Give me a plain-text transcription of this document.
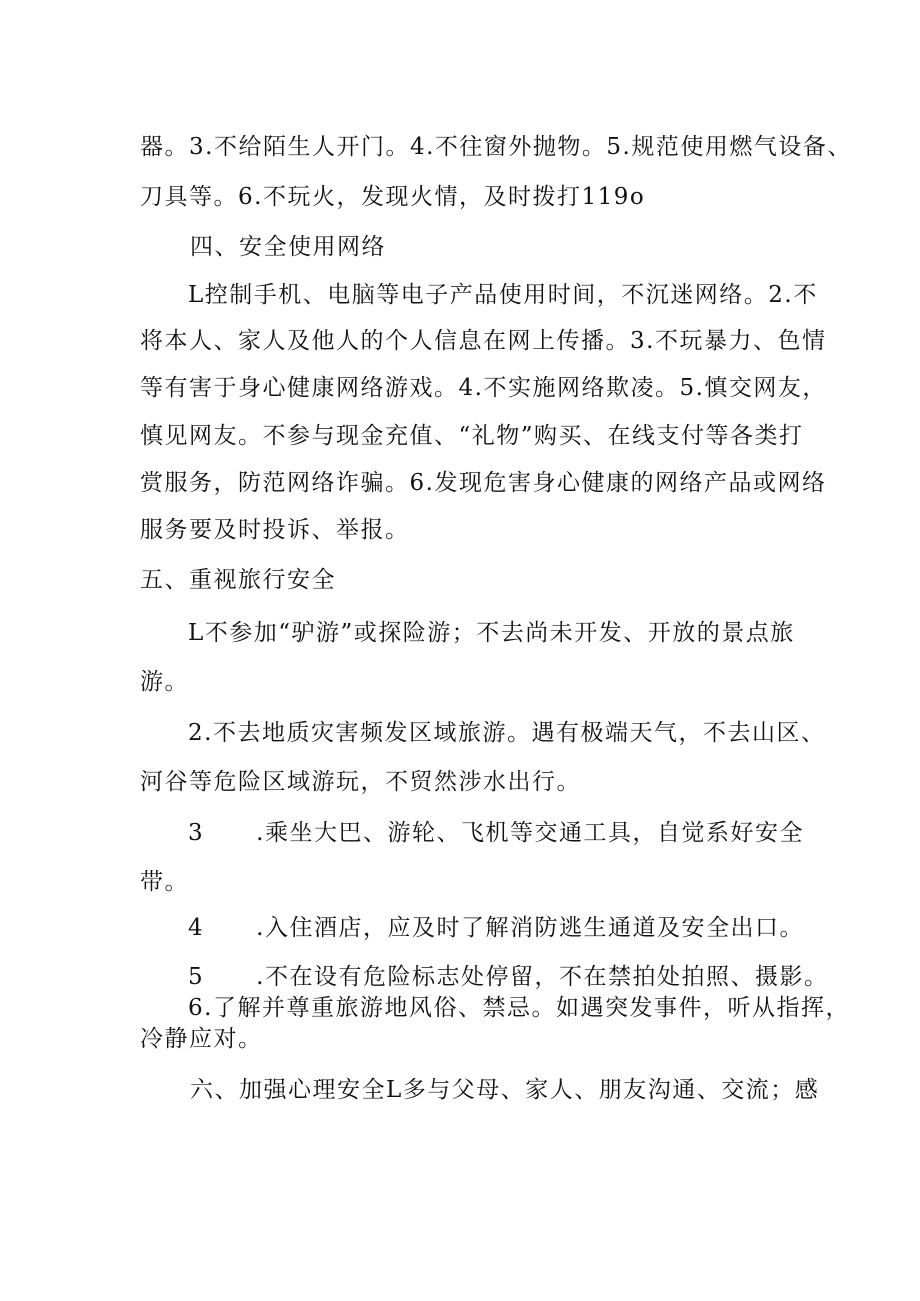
器。3.不给陌生人开门。4.不往窗外抛物。5.规范使用燃气设备、
刀具等。6.不玩火，发现火情，及时拨打119o
四、安全使用网络
L控制手机、电脑等电子产品使用时间，不沉迷网络。2.不
将本人、家人及他人的个人信息在网上传播。3.不玩暴力、色情
等有害于身心健康网络游戏。4.不实施网络欺凌。5.慎交网友，
慎见网友。不参与现金充值、“礼物”购买、在线支付等各类打
赏服务，防范网络诈骗。6.发现危害身心健康的网络产品或网络
服务要及时投诉、举报。
五、重视旅行安全
L不参加“驴游”或探险游；不去尚未开发、开放的景点旅
游。
2.不去地质灾害频发区域旅游。遇有极端天气，不去山区、
河谷等危险区域游玩，不贸然涉水出行。
3 .乘坐大巴、游轮、飞机等交通工具，自觉系好安全
带。
4 .入住酒店，应及时了解消防逃生通道及安全出口。
5 .不在设有危险标志处停留，不在禁拍处拍照、摄影。
6.了解并尊重旅游地风俗、禁忌。如遇突发事件，听从指挥，
冷静应对。
六、加强心理安全L多与父母、家人、朋友沟通、交流；感
